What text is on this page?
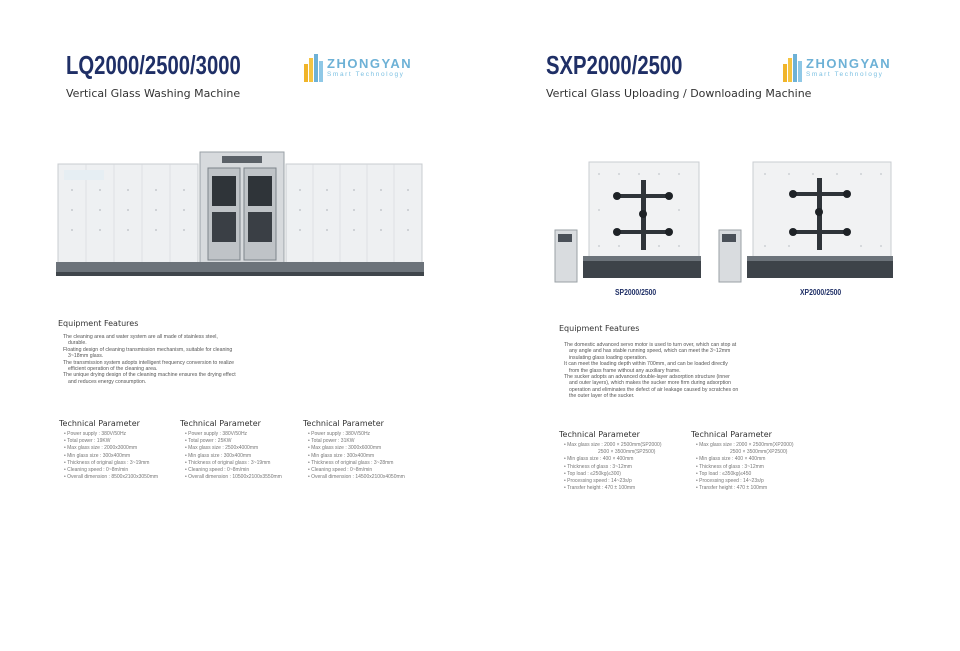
LQ2000/2500/3000
Vertical Glass Washing Machine
ZHONGYAN
Smart Technology
Equipment Features
The cleaning area and water system are all made of stainless steel, durable.
Floating design of cleaning transmission mechanism, suitable for cleaning 3~18mm glass.
The transmission system adopts intelligent frequency conversion to realize efficient operation of the cleaning area.
The unique drying design of the cleaning machine ensures the drying effect and reduces energy consumption.
Technical Parameter
• Power supply : 380V/50Hz
• Total power : 19KW
• Max glass size : 2000x3000mm
• Min glass size : 300x400mm
• Thickness of original glass : 3~19mm
• Cleaning speed : 0~8m/min
• Overall dimension : 8500x2100x3050mm
Technical Parameter
• Power supply : 380V/50Hz
• Total power : 25KW
• Max glass size : 2500x4000mm
• Min glass size : 300x400mm
• Thickness of original glass : 3~19mm
• Cleaning speed : 0~8m/min
• Overall dimension : 10500x2100x3550mm
Technical Parameter
• Power supply : 380V/50Hz
• Total power : 31KW
• Max glass size : 3000x6000mm
• Min glass size : 300x400mm
• Thickness of original glass : 3~28mm
• Cleaning speed : 0~8m/min
• Overall dimension : 14500x2100x4050mm
SXP2000/2500
Vertical Glass Uploading / Downloading Machine
ZHONGYAN
Smart Technology
SP2000/2500	XP2000/2500
Equipment Features
The domestic advanced servo motor is used to turn over, which can stop at any angle and has stable running speed, which can meet the 3~12mm insulating glass loading operation.
It can meet the loading depth within 700mm, and can be loaded directly from the glass frame without any auxiliary frame.
The sucker adopts an advanced double-layer adsorption structure (inner and outer layers), which makes the sucker more firm during adsorption operation and eliminates the defect of air leakage caused by scratches on the outer layer of the sucker.
Technical Parameter
• Max glass size : 2000 × 2500mm(SP2000)
2500 × 3500mm(SP2500)
• Min glass size : 400 × 400mm
• Thickness of glass : 3~12mm
• Top load : ≤250kg(≤300)
• Processing speed : 14~23s/p
• Transfer height : 470 ± 100mm
Technical Parameter
• Max glass size : 2000 × 2500mm(XP2000)
2500 × 3500mm(XP2500)
• Min glass size : 400 × 400mm
• Thickness of glass : 3~12mm
• Top load : ≤350kg(≤450
• Processing speed : 14~23s/p
• Transfer height : 470 ± 100mm
